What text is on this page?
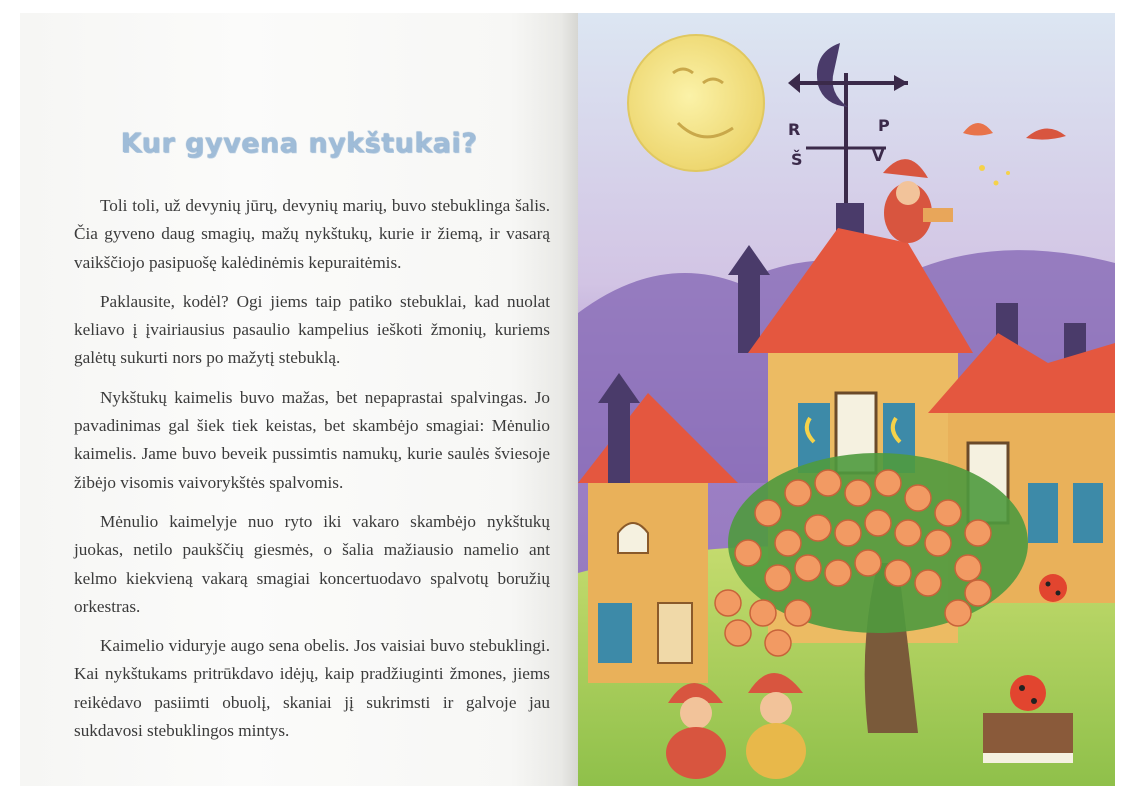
Kur gyvena nykštukai?

Toli toli, už devynių jūrų, devynių marių, buvo stebuklinga šalis. Čia gyveno daug smagių, mažų nykštukų, kurie ir žiemą, ir vasarą vaikščiojo pasipuošę kalėdinėmis kepuraitėmis.

Paklausite, kodėl? Ogi jiems taip patiko stebuklai, kad nuolat keliavo į įvairiausius pasaulio kampelius ieškoti žmonių, kuriems galėtų sukurti nors po mažytį stebuklą.

Nykštukų kaimelis buvo mažas, bet nepaprastai spalvingas. Jo pavadinimas gal šiek tiek keistas, bet skambėjo smagiai: Mėnulio kaimelis. Jame buvo beveik pussimtis namukų, kurie saulės šviesoje žibėjo visomis vaivorykštės spalvomis.

Mėnulio kaimelyje nuo ryto iki vakaro skambėjo nykštukų juokas, netilo paukščių giesmės, o šalia mažiausio namelio ant kelmo kiekvieną vakarą smagiai koncertuodavo spalvotų boružių orkestras.

Kaimelio viduryje augo sena obelis. Jos vaisiai buvo stebuklingi. Kai nykštukams pritrūkdavo idėjų, kaip pradžiuginti žmones, jiems reikėdavo pasiimti obuolį, skaniai jį sukrimsti ir galvoje jau sukdavosi stebuklingos mintys.

R	P
Š	V
